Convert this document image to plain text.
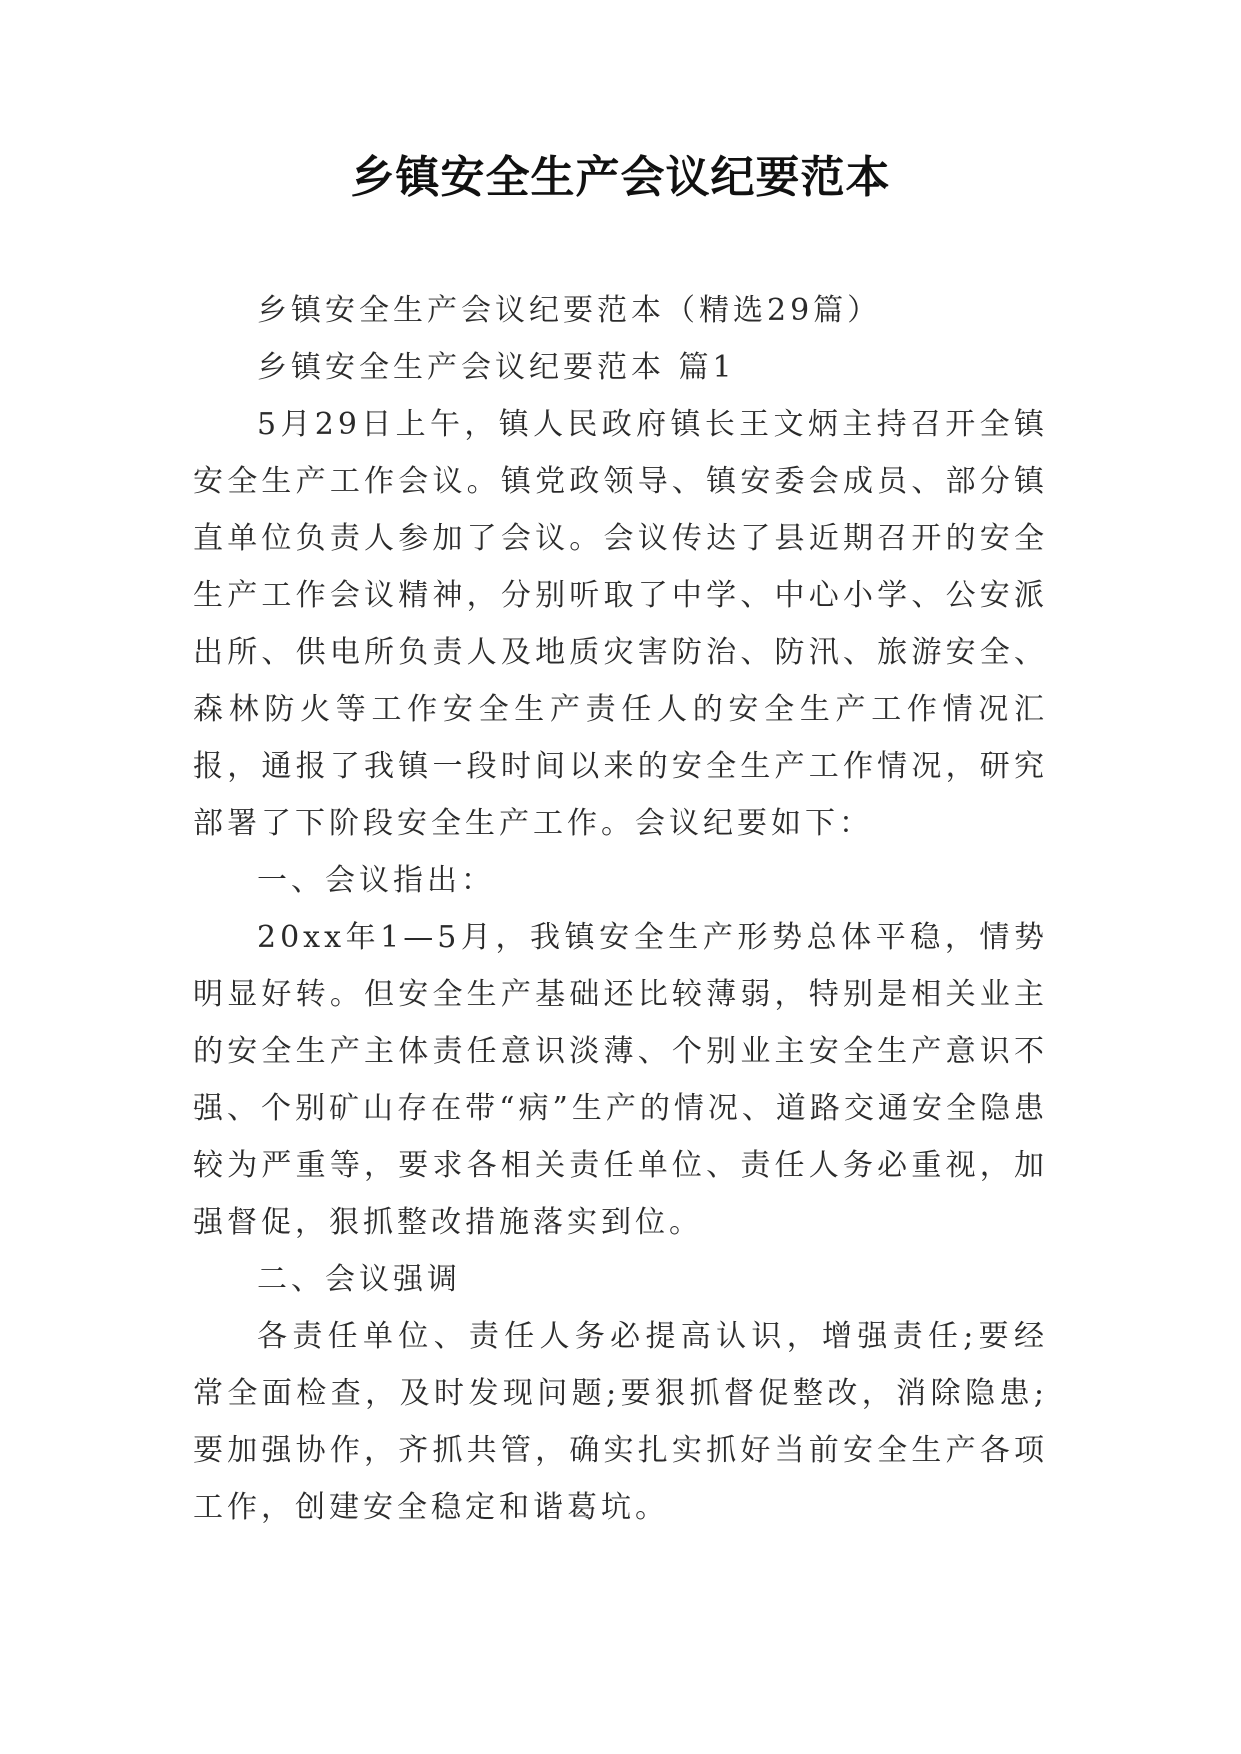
乡镇安全生产会议纪要范本

乡镇安全生产会议纪要范本（精选29篇）

乡镇安全生产会议纪要范本 篇1

5月29日上午，镇人民政府镇长王文炳主持召开全镇安全生产工作会议。镇党政领导、镇安委会成员、部分镇直单位负责人参加了会议。会议传达了县近期召开的安全生产工作会议精神，分别听取了中学、中心小学、公安派出所、供电所负责人及地质灾害防治、防汛、旅游安全、森林防火等工作安全生产责任人的安全生产工作情况汇报，通报了我镇一段时间以来的安全生产工作情况，研究部署了下阶段安全生产工作。会议纪要如下：

一、会议指出：

20xx年1—5月，我镇安全生产形势总体平稳，情势明显好转。但安全生产基础还比较薄弱，特别是相关业主的安全生产主体责任意识淡薄、个别业主安全生产意识不强、个别矿山存在带“病”生产的情况、道路交通安全隐患较为严重等，要求各相关责任单位、责任人务必重视，加强督促，狠抓整改措施落实到位。

二、会议强调

各责任单位、责任人务必提高认识，增强责任;要经常全面检查，及时发现问题;要狠抓督促整改，消除隐患;要加强协作，齐抓共管，确实扎实抓好当前安全生产各项工作，创建安全稳定和谐葛坑。
